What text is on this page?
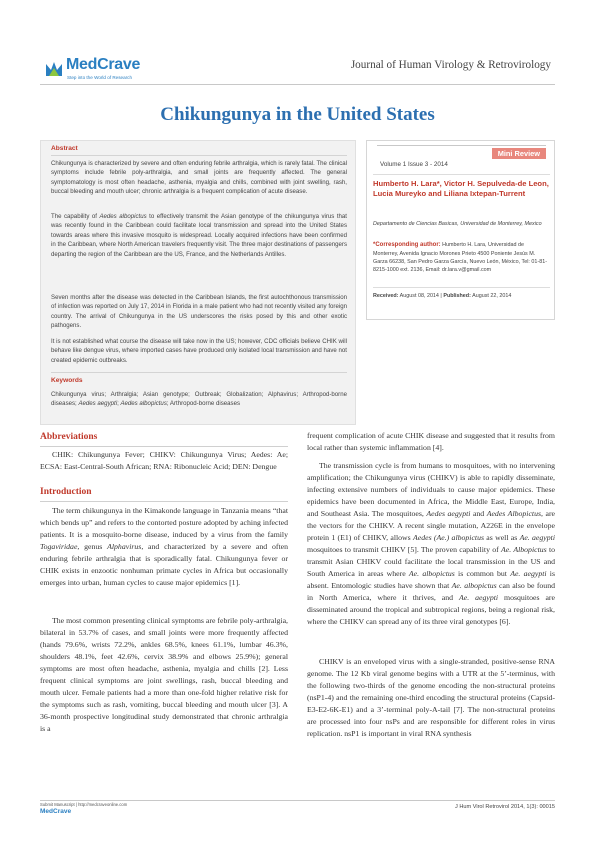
MedCrave
Step into the World of Research
Journal of Human Virology & Retrovirology
Chikungunya in the United States
Abstract
Chikungunya is characterized by severe and often enduring febrile arthralgia, which is rarely fatal. The clinical symptoms include febrile poly-arthralgia, and small joints are frequently affected. The general symptomatology is most often headache, asthenia, myalgia and chills, combined with joint swelling, rash, buccal bleeding and mouth ulcer; chronic arthralgia is a frequent complication of acute disease.
The capability of Aedes albopictus to effectively transmit the Asian genotype of the chikungunya virus that was recently found in the Caribbean could facilitate local transmission and spread into the United States towards areas where this invasive mosquito is widespread. Locally acquired infections have been confirmed in the Caribbean, where North American travelers frequently visit. The three major destinations of passengers departing the region of the Caribbean are the US, France, and the Netherlands Antilles.
Seven months after the disease was detected in the Caribbean Islands, the first autochthonous transmission of infection was reported on July 17, 2014 in Florida in a male patient who had not recently visited any foreign country. The arrival of Chikungunya in the US underscores the risks posed by this and other exotic pathogens.
It is not established what course the disease will take now in the US; however, CDC officials believe CHIK will behave like dengue virus, where imported cases have produced only isolated local transmission and have not created epidemic outbreaks.
Keywords
Chikungunya virus; Arthralgia; Asian genotype; Outbreak; Globalization; Alphavirus; Arthropod-borne diseases; Aedes aegypti; Aedes albopictus; Arthropod-borne diseases
Mini Review
Volume 1 Issue 3 - 2014
Humberto H. Lara*, Victor H. Sepulveda-de Leon, Lucia Mureyko and Liliana Ixtepan-Turrent
Departamento de Ciencias Basicas, Universidad de Monterrey, Mexico
*Corresponding author: Humberto H. Lara, Universidad de Monterrey, Avenida Ignacio Morones Prieto 4500 Poniente Jesús M. Garza 66238, San Pedro Garza García, Nuevo León, México, Tel: 01-81-8215-1000 ext. 2136, Email: dr.lara.v@gmail.com
Received: August 08, 2014 | Published: August 22, 2014
Abbreviations
CHIK: Chikungunya Fever; CHIKV: Chikungunya Virus; Aedes: Ae; ECSA: East-Central-South African; RNA: Ribonucleic Acid; DEN: Dengue
Introduction
The term chikungunya in the Kimakonde language in Tanzania means “that which bends up” and refers to the contorted posture adopted by aching infected patients. It is a mosquito-borne disease, induced by a virus from the family Togaviridae, genus Alphavirus, and characterized by a severe and often enduring febrile arthralgia that is sporadically fatal. Chikungunya fever or CHIK exists in enzootic nonhuman primate cycles in Africa but occasionally emerges into urban, human cycles to cause major epidemics [1].
The most common presenting clinical symptoms are febrile poly-arthralgia, bilateral in 53.7% of cases, and small joints were more frequently affected (hands 79.6%, wrists 72.2%, ankles 68.5%, knees 61.1%, lumbar 46.3%, shoulders 48.1%, feet 42.6%, cervix 38.9% and elbows 25.9%); general symptoms are most often headache, asthenia, myalgia and chills [2]. Less frequent clinical symptoms are joint swellings, rash, buccal bleeding and mouth ulcer. Female patients had a more than one-fold higher relative risk for the symptoms such as rash, vomiting, buccal bleeding and mouth ulcer [3]. A 36-month prospective longitudinal study demonstrated that chronic arthralgia is a
frequent complication of acute CHIK disease and suggested that it results from local rather than systemic inflammation [4].
The transmission cycle is from humans to mosquitoes, with no intervening amplification; the Chikungunya virus (CHIKV) is able to rapidly disseminate, infecting extensive numbers of individuals to cause major epidemics. These epidemics have been documented in Africa, the Middle East, Europe, India, and Southeast Asia. The mosquitoes, Aedes aegypti and Aedes Albopictus, are the vectors for the CHIKV. A recent single mutation, A226E in the envelope protein 1 (E1) of CHIKV, allows Aedes (Ae.) albopictus as well as Ae. aegypti mosquitoes to transmit CHIKV [5]. The proven capability of Ae. Albopictus to transmit Asian CHIKV could facilitate the local transmission in the US and South America in areas where Ae. albopictus is common but Ae. aegypti is absent. Entomologic studies have shown that Ae. albopictus can also be found in North America, where it thrives, and Ae. aegypti mosquitoes are disseminated around the tropical and subtropical regions, being a regional risk, where the CHIKV can spread any of its three viral genotypes [6].
CHIKV is an enveloped virus with a single-stranded, positive-sense RNA genome. The 12 Kb viral genome begins with a UTR at the 5’-terminus, with the following two-thirds of the genome encoding the non-structural proteins (nsP1-4) and the remaining one-third encoding the structural proteins (Capsid-E3-E2-6K-E1) and a 3’-terminal poly-A-tail [7]. The non-structural proteins are processed into four nsPs and are responsible for different roles in virus replication. nsP1 is important in viral RNA synthesis
Submit Manuscript | http://medcraveonline.com
MedCrave
J Hum Virol Retrovirol 2014, 1(3): 00015
